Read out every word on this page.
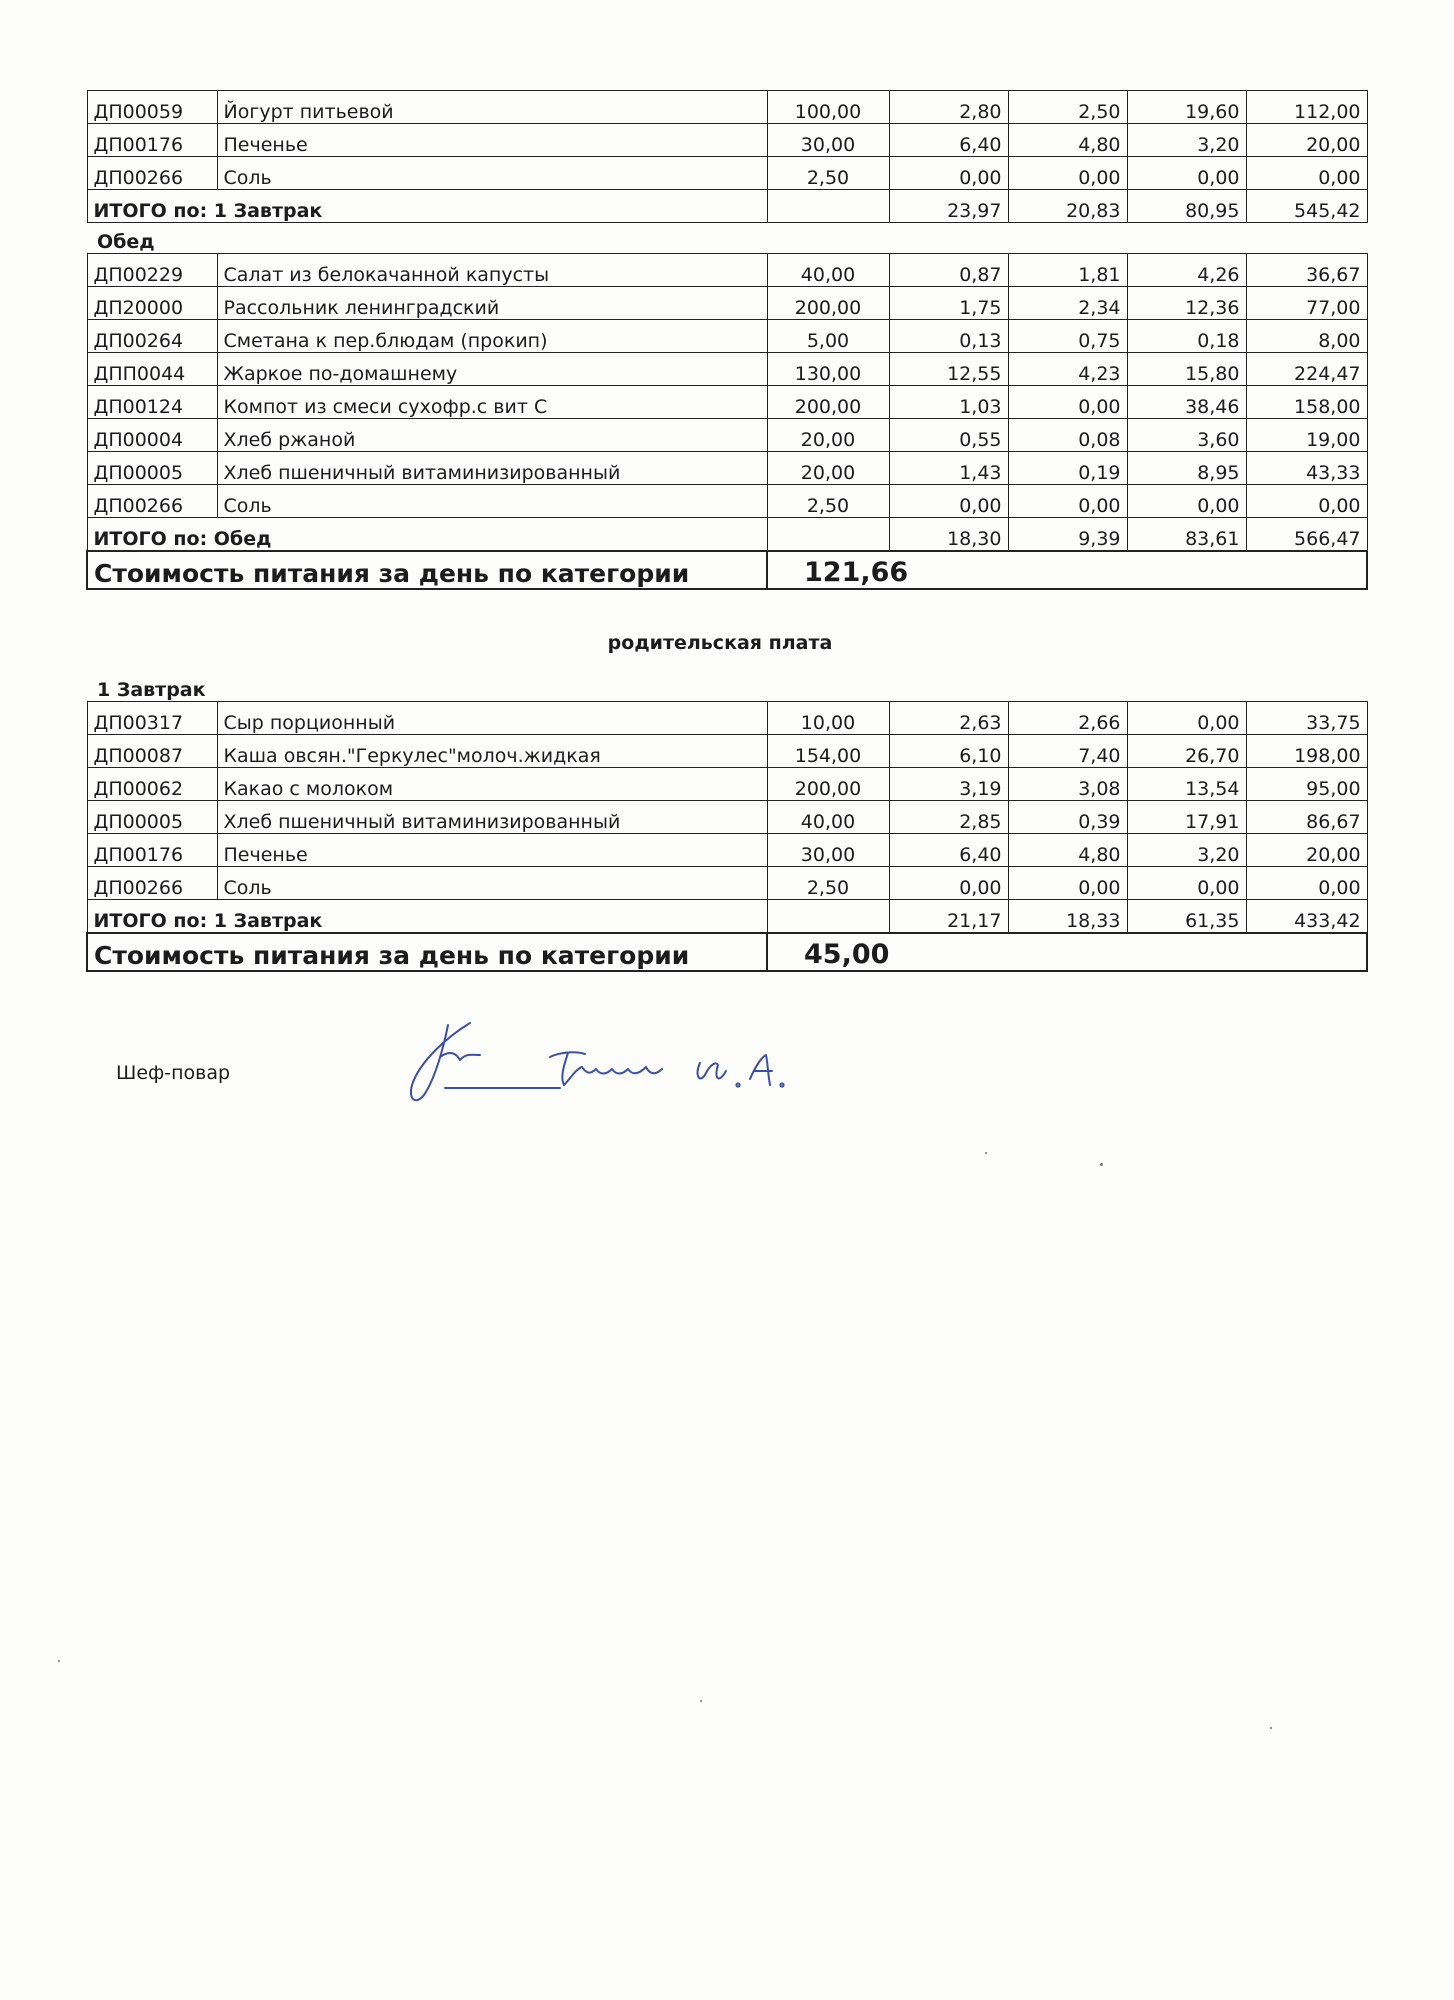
ДП00059	Йогурт питьевой	100,00	2,80	2,50	19,60	112,00
ДП00176	Печенье	30,00	6,40	4,80	3,20	20,00
ДП00266	Соль	2,50	0,00	0,00	0,00	0,00
ИТОГО по: 1 Завтрак			23,97	20,83	80,95	545,42
Обед						
ДП00229	Салат из белокачанной капусты	40,00	0,87	1,81	4,26	36,67
ДП20000	Рассольник ленинградский	200,00	1,75	2,34	12,36	77,00
ДП00264	Сметана к пер.блюдам (прокип)	5,00	0,13	0,75	0,18	8,00
ДПП0044	Жаркое по-домашнему	130,00	12,55	4,23	15,80	224,47
ДП00124	Компот из смеси сухофр.с вит С	200,00	1,03	0,00	38,46	158,00
ДП00004	Хлеб ржаной	20,00	0,55	0,08	3,60	19,00
ДП00005	Хлеб пшеничный витаминизированный	20,00	1,43	0,19	8,95	43,33
ДП00266	Соль	2,50	0,00	0,00	0,00	0,00
ИТОГО по: Обед			18,30	9,39	83,61	566,47
Стоимость питания за день по категории		121,66				
родительская плата
1 Завтрак						
ДП00317	Сыр порционный	10,00	2,63	2,66	0,00	33,75
ДП00087	Каша овсян."Геркулес"молоч.жидкая	154,00	6,10	7,40	26,70	198,00
ДП00062	Какао с молоком	200,00	3,19	3,08	13,54	95,00
ДП00005	Хлеб пшеничный витаминизированный	40,00	2,85	0,39	17,91	86,67
ДП00176	Печенье	30,00	6,40	4,80	3,20	20,00
ДП00266	Соль	2,50	0,00	0,00	0,00	0,00
ИТОГО по: 1 Завтрак			21,17	18,33	61,35	433,42
Стоимость питания за день по категории		45,00				
Шеф-повар
